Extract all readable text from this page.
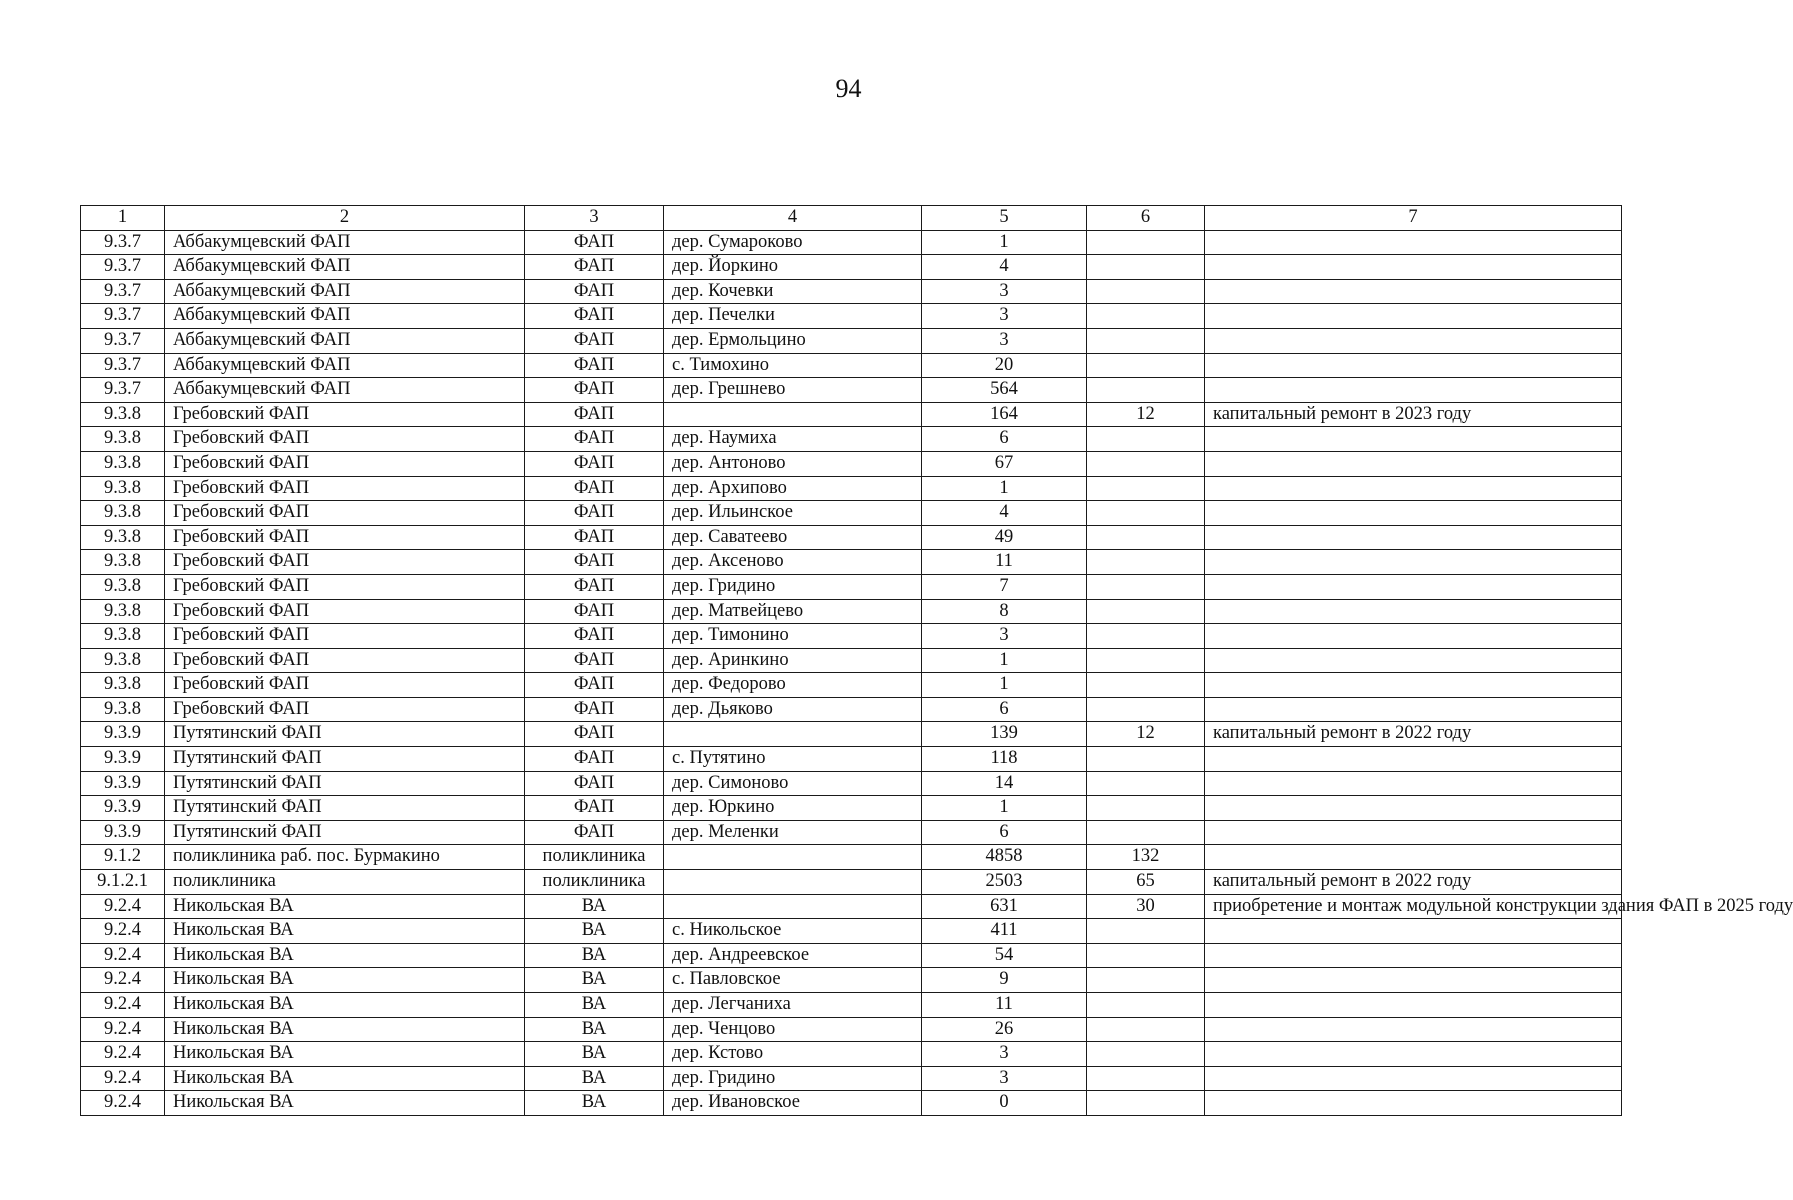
94
1	2	3	4	5	6	7
9.3.7	Аббакумцевский ФАП	ФАП	дер. Сумароково	1		
9.3.7	Аббакумцевский ФАП	ФАП	дер. Йоркино	4		
9.3.7	Аббакумцевский ФАП	ФАП	дер. Кочевки	3		
9.3.7	Аббакумцевский ФАП	ФАП	дер. Печелки	3		
9.3.7	Аббакумцевский ФАП	ФАП	дер. Ермольцино	3		
9.3.7	Аббакумцевский ФАП	ФАП	с. Тимохино	20		
9.3.7	Аббакумцевский ФАП	ФАП	дер. Грешнево	564		
9.3.8	Гребовский ФАП	ФАП		164	12	капитальный ремонт в 2023 году
9.3.8	Гребовский ФАП	ФАП	дер. Наумиха	6		
9.3.8	Гребовский ФАП	ФАП	дер. Антоново	67		
9.3.8	Гребовский ФАП	ФАП	дер. Архипово	1		
9.3.8	Гребовский ФАП	ФАП	дер. Ильинское	4		
9.3.8	Гребовский ФАП	ФАП	дер. Саватеево	49		
9.3.8	Гребовский ФАП	ФАП	дер. Аксеново	11		
9.3.8	Гребовский ФАП	ФАП	дер. Гридино	7		
9.3.8	Гребовский ФАП	ФАП	дер. Матвейцево	8		
9.3.8	Гребовский ФАП	ФАП	дер. Тимонино	3		
9.3.8	Гребовский ФАП	ФАП	дер. Аринкино	1		
9.3.8	Гребовский ФАП	ФАП	дер. Федорово	1		
9.3.8	Гребовский ФАП	ФАП	дер. Дьяково	6		
9.3.9	Путятинский ФАП	ФАП		139	12	капитальный ремонт в 2022 году
9.3.9	Путятинский ФАП	ФАП	с. Путятино	118		
9.3.9	Путятинский ФАП	ФАП	дер. Симоново	14		
9.3.9	Путятинский ФАП	ФАП	дер. Юркино	1		
9.3.9	Путятинский ФАП	ФАП	дер. Меленки	6		
9.1.2	поликлиника раб. пос. Бурмакино	поликлиника		4858	132	
9.1.2.1	поликлиника	поликлиника		2503	65	капитальный ремонт в 2022 году
9.2.4	Никольская ВА	ВА		631	30	приобретение и монтаж модульной конструкции здания ФАП в 2025 году
9.2.4	Никольская ВА	ВА	с. Никольское	411		
9.2.4	Никольская ВА	ВА	дер. Андреевское	54		
9.2.4	Никольская ВА	ВА	с. Павловское	9		
9.2.4	Никольская ВА	ВА	дер. Легчаниха	11		
9.2.4	Никольская ВА	ВА	дер. Ченцово	26		
9.2.4	Никольская ВА	ВА	дер. Кстово	3		
9.2.4	Никольская ВА	ВА	дер. Гридино	3		
9.2.4	Никольская ВА	ВА	дер. Ивановское	0		
